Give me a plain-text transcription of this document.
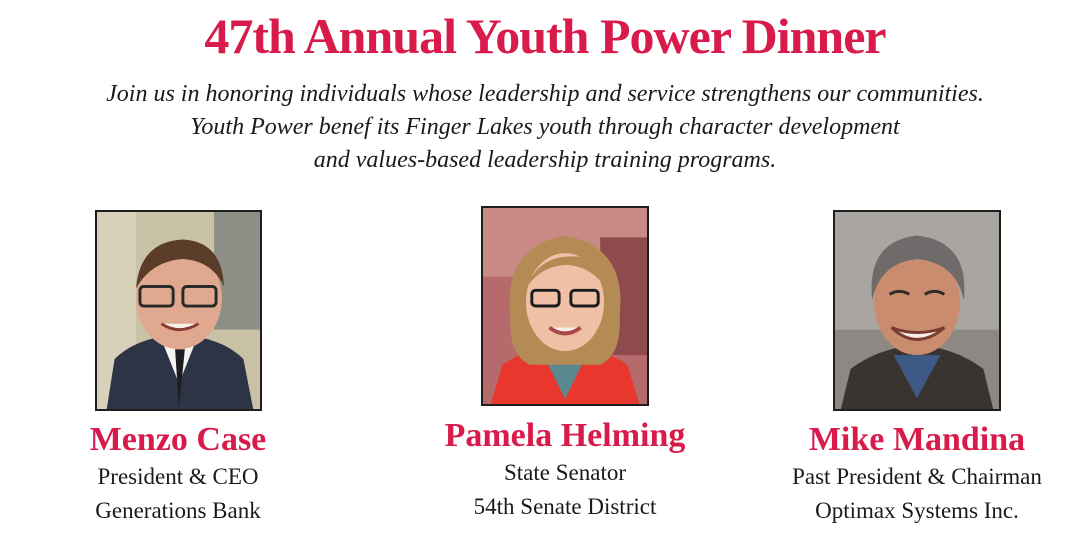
47th Annual Youth Power Dinner
Join us in honoring individuals whose leadership and service strengthens our communities.
Youth Power benef its Finger Lakes youth through character development
and values-based leadership training programs.
Menzo Case
President & CEO
Generations Bank
Pamela Helming
State Senator
54th Senate District
Mike Mandina
Past President & Chairman
Optimax Systems Inc.
